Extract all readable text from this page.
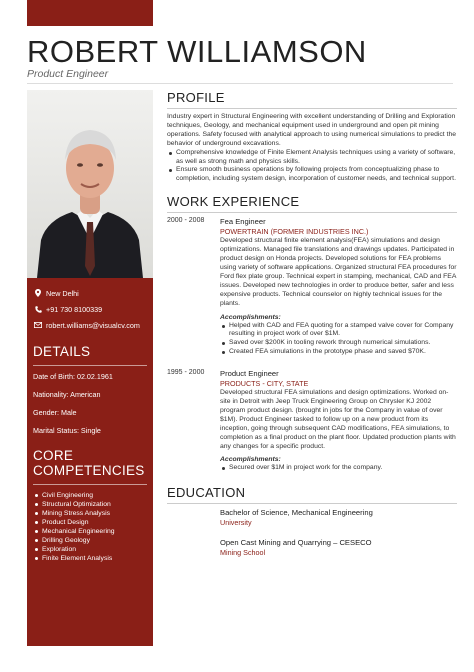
ROBERT WILLIAMSON
Product Engineer
New Delhi
+91 730 8100339
robert.williams@visualcv.com
DETAILS

Date of Birth: 02.02.1961

Nationality: American

Gender: Male

Marital Status: Single

CORE
COMPETENCIES
Civil Engineering
Structural Optimization
Mining Stress Analysis
Product Design
Mechanical Engineering
Drilling Geology
Exploration
Finite Element Analysis
PROFILE

Industry expert in Structural Engineering with excellent understanding of Drilling and Exploration techniques, Geology, and mechanical equipment used in underground and open pit mining operations. Safety focused with analytical approach to using numerical simulations to predict the behavior of underground excavations.

Comprehensive knowledge of Finite Element Analysis techniques using a variety of software, as well as strong math and physics skills.
Ensure smooth business operations by following projects from conceptualizing phase to completion, including system design, incorporation of customer needs, and technical support.
WORK EXPERIENCE
2000 - 2008 Fea Engineer
POWERTRAIN (FORMER INDUSTRIES INC.)

Developed structural finite element analysis(FEA) simulations and design optimizations. Managed file translations and drawings updates. Participated in product design on Honda projects. Developed solutions for FEA problems using variety of software applications. Organized structural FEA procedures for Ford flex plate group. Technical expert in stamping, mechanical, CAD and FEA issues. Developed new technologies in order to produce better, safer and less expensive products. Technical counselor on highly technical issues for the plants.

Accomplishments:
Helped with CAD and FEA quoting for a stamped valve cover for Company resulting in project work of over $1M.
Saved over $200K in tooling rework through numerical simulations.
Created FEA simulations in the prototype phase and saved $70K.
1995 - 2000 Product Engineer
PRODUCTS - CITY, STATE

Developed structural FEA simulations and design optimizations. Worked on-site in Detroit with Jeep Truck Engineering Group on Chrysler KJ 2002 program product design. (brought in jobs for the Company in value of over $1M). Product Engineer tasked to follow up on a new product from its inception, going through subsequent CAD modifications, FEA simulations, to completion as a final product on the plant floor. Updated production plants with any changes for a specific product.

Accomplishments:
Secured over $1M in project work for the company.
EDUCATION
Bachelor of Science, Mechanical Engineering
University
Open Cast Mining and Quarrying – CESECO
Mining School
